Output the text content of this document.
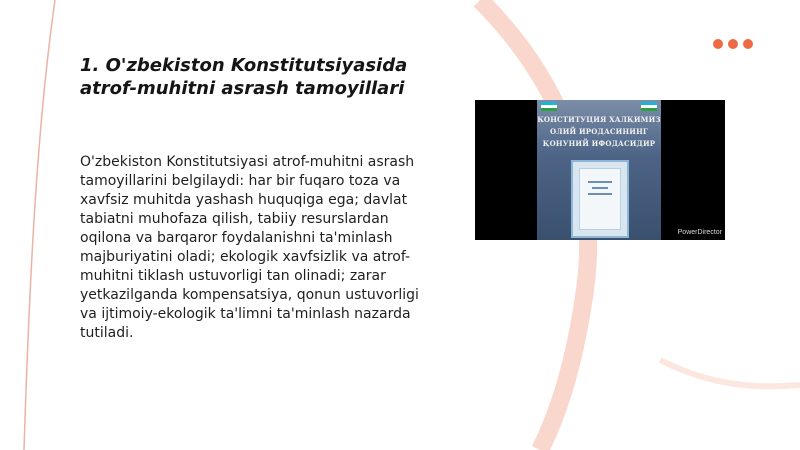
1. O'zbekiston Konstitutsiyasida atrof-muhitni asrash tamoyillari

O'zbekiston Konstitutsiyasi atrof-muhitni asrash tamoyillarini belgilaydi: har bir fuqaro toza va xavfsiz muhitda yashash huquqiga ega; davlat tabiatni muhofaza qilish, tabiiy resurslardan oqilona va barqaror foydalanishni ta'minlash majburiyatini oladi; ekologik xavfsizlik va atrof-muhitni tiklash ustuvorligi tan olinadi; zarar yetkazilganda kompensatsiya, qonun ustuvorligi va ijtimoiy-ekologik ta'limni ta'minlash nazarda tutiladi.

КОНСТИТУЦИЯ ХАЛҚИМИЗ
ОЛИЙ ИРОДАСИНИНГ
ҚОНУНИЙ ИФОДАСИДИР
PowerDirector
